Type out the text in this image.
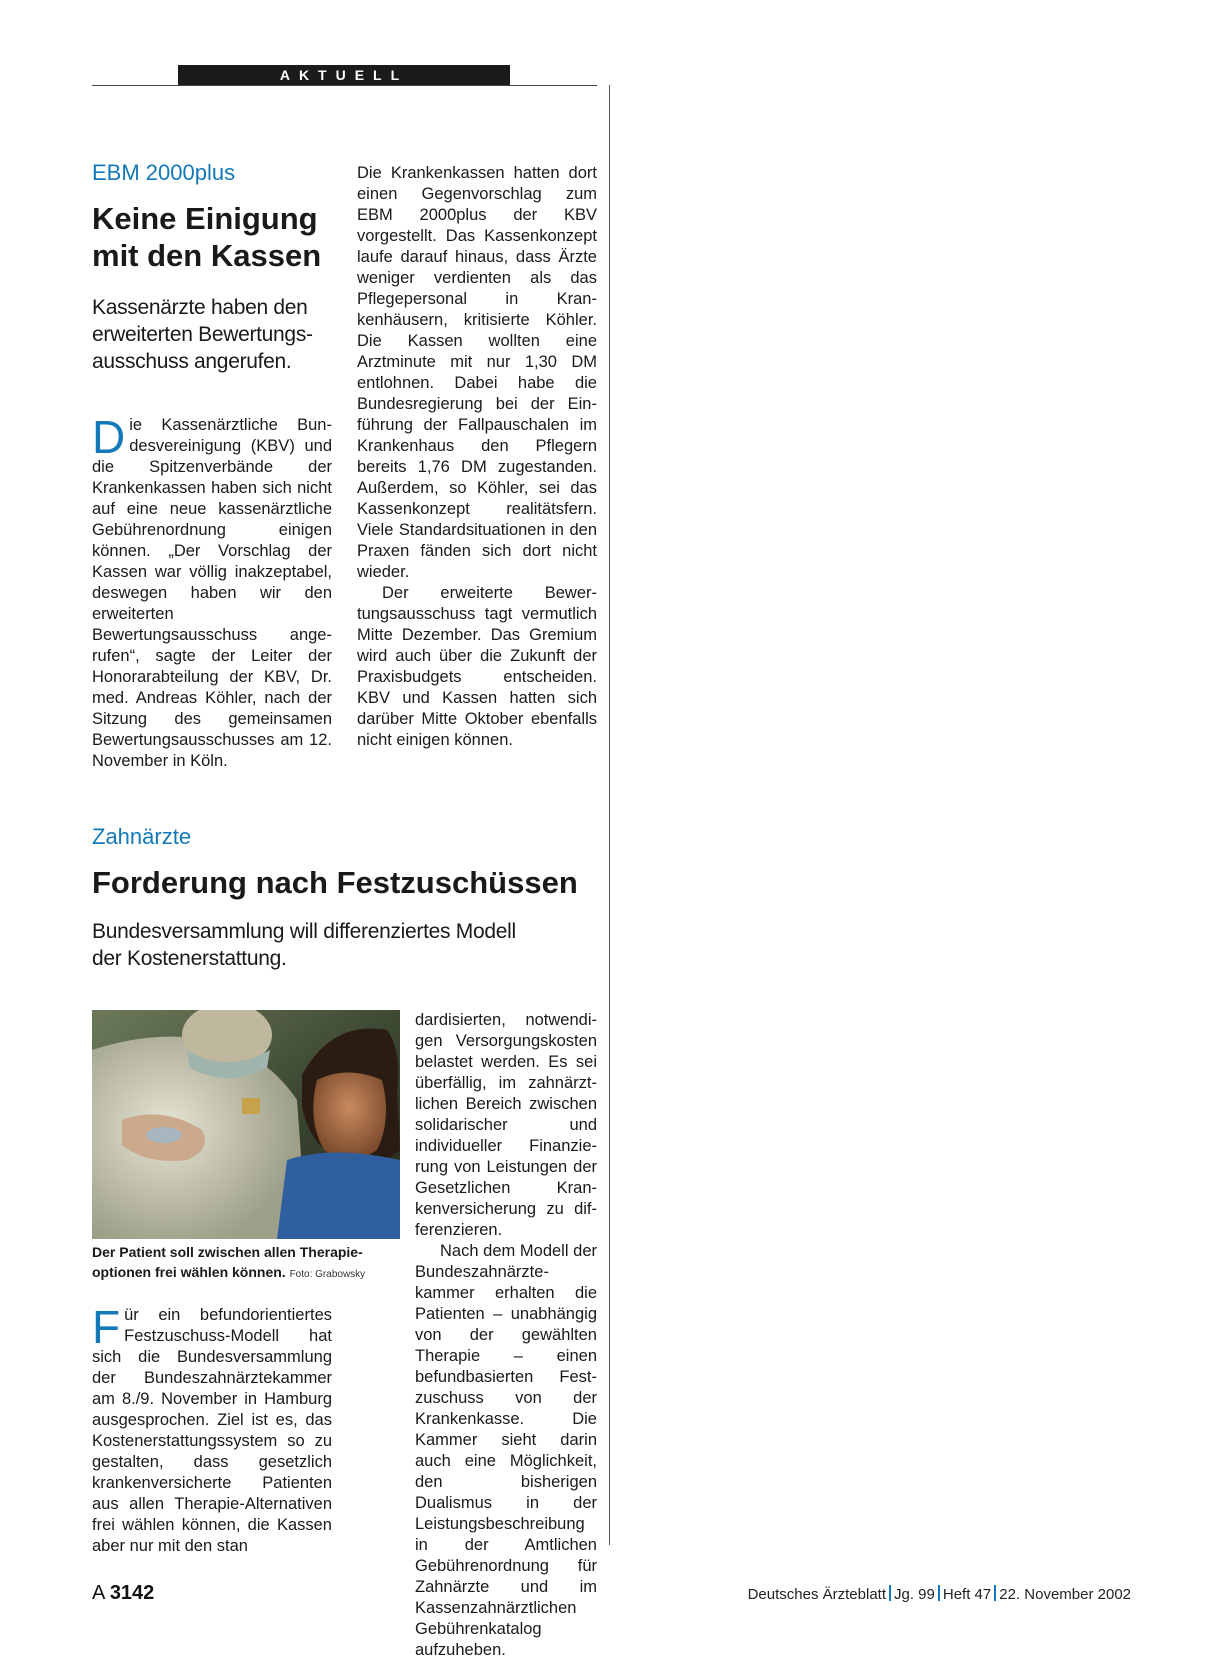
AKTUELL
EBM 2000plus
Keine Einigung
mit den Kassen

Kassenärzte haben den erweiterten Bewertungsausschuss angerufen.

Die Kassenärztliche Bundesvereinigung (KBV) und die Spitzenverbände der Krankenkassen haben sich nicht auf eine neue kassenärztliche Gebührenordnung einigen können. „Der Vorschlag der Kassen war völlig inakzeptabel, deswegen haben wir den erweiterten Bewertungsausschuss angerufen“, sagte der Leiter der Honorarabteilung der KBV, Dr. med. Andreas Köhler, nach der Sitzung des gemeinsamen Bewertungsausschusses am 12. November in Köln.

Die Krankenkassen hatten dort einen Gegenvorschlag zum EBM 2000plus der KBV vorgestellt. Das Kassenkonzept laufe darauf hinaus, dass Ärzte weniger verdienten als das Pflegepersonal in Krankenhäusern, kritisierte Köhler. Die Kassen wollten eine Arztminute mit nur 1,30 DM entlohnen. Dabei habe die Bundesregierung bei der Einführung der Fallpauschalen im Krankenhaus den Pflegern bereits 1,76 DM zugestanden. Außerdem, so Köhler, sei das Kassenkonzept realitätsfern. Viele Standardsituationen in den Praxen fänden sich dort nicht wieder.

Der erweiterte Bewertungsausschuss tagt vermutlich Mitte Dezember. Das Gremium wird auch über die Zukunft der Praxisbudgets entscheiden. KBV und Kassen hatten sich darüber Mitte Oktober ebenfalls nicht einigen können.

Zahnärzte
Forderung nach Festzuschüssen

Bundesversammlung will differenziertes Modell
der Kostenerstattung.

Der Patient soll zwischen allen Therapieoptionen frei wählen können. Foto: Grabowsky

Für ein befundorientiertes Festzuschuss-Modell hat sich die Bundesversammlung der Bundeszahnärztekammer am 8./9. November in Hamburg ausgesprochen. Ziel ist es, das Kostenerstattungssystem so zu gestalten, dass gesetzlich krankenversicherte Patienten aus allen Therapie-Alternativen frei wählen können, die Kassen aber nur mit den stan

dardisierten, notwendigen Versorgungskosten belastet werden. Es sei überfällig, im zahnärztlichen Bereich zwischen solidarischer und individueller Finanzierung von Leistungen der Gesetzlichen Krankenversicherung zu differenzieren.

Nach dem Modell der Bundeszahnärztekammer erhalten die Patienten – unabhängig von der gewählten Therapie – einen befundbasierten Festzuschuss von der Krankenkasse. Die Kammer sieht darin auch eine Möglichkeit, den bisherigen Dualismus in der Leistungsbeschreibung in der Amtlichen Gebührenordnung für Zahnärzte und im Kassenzahnärztlichen Gebührenkatalog aufzuheben.

A 3142	Deutsches Ärzteblatt Jg. 99 Heft 47 22. November 2002
